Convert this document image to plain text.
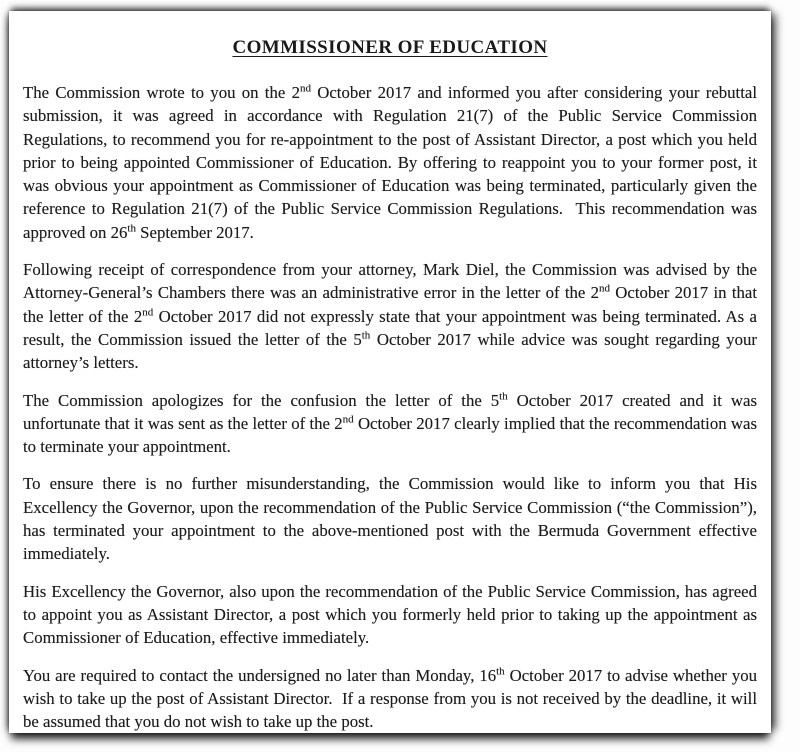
COMMISSIONER OF EDUCATION

The Commission wrote to you on the 2nd October 2017 and informed you after considering your rebuttal submission, it was agreed in accordance with Regulation 21(7) of the Public Service Commission Regulations, to recommend you for re-appointment to the post of Assistant Director, a post which you held prior to being appointed Commissioner of Education. By offering to reappoint you to your former post, it was obvious your appointment as Commissioner of Education was being terminated, particularly given the reference to Regulation 21(7) of the Public Service Commission Regulations.  This recommendation was approved on 26th September 2017.

Following receipt of correspondence from your attorney, Mark Diel, the Commission was advised by the Attorney-General’s Chambers there was an administrative error in the letter of the 2nd October 2017 in that the letter of the 2nd October 2017 did not expressly state that your appointment was being terminated. As a result, the Commission issued the letter of the 5th October 2017 while advice was sought regarding your attorney’s letters.

The Commission apologizes for the confusion the letter of the 5th October 2017 created and it was unfortunate that it was sent as the letter of the 2nd October 2017 clearly implied that the recommendation was to terminate your appointment.

To ensure there is no further misunderstanding, the Commission would like to inform you that His Excellency the Governor, upon the recommendation of the Public Service Commission (“the Commission”), has terminated your appointment to the above-mentioned post with the Bermuda Government effective immediately.

His Excellency the Governor, also upon the recommendation of the Public Service Commission, has agreed to appoint you as Assistant Director, a post which you formerly held prior to taking up the appointment as Commissioner of Education, effective immediately.

You are required to contact the undersigned no later than Monday, 16th October 2017 to advise whether you wish to take up the post of Assistant Director.  If a response from you is not received by the deadline, it will be assumed that you do not wish to take up the post.
